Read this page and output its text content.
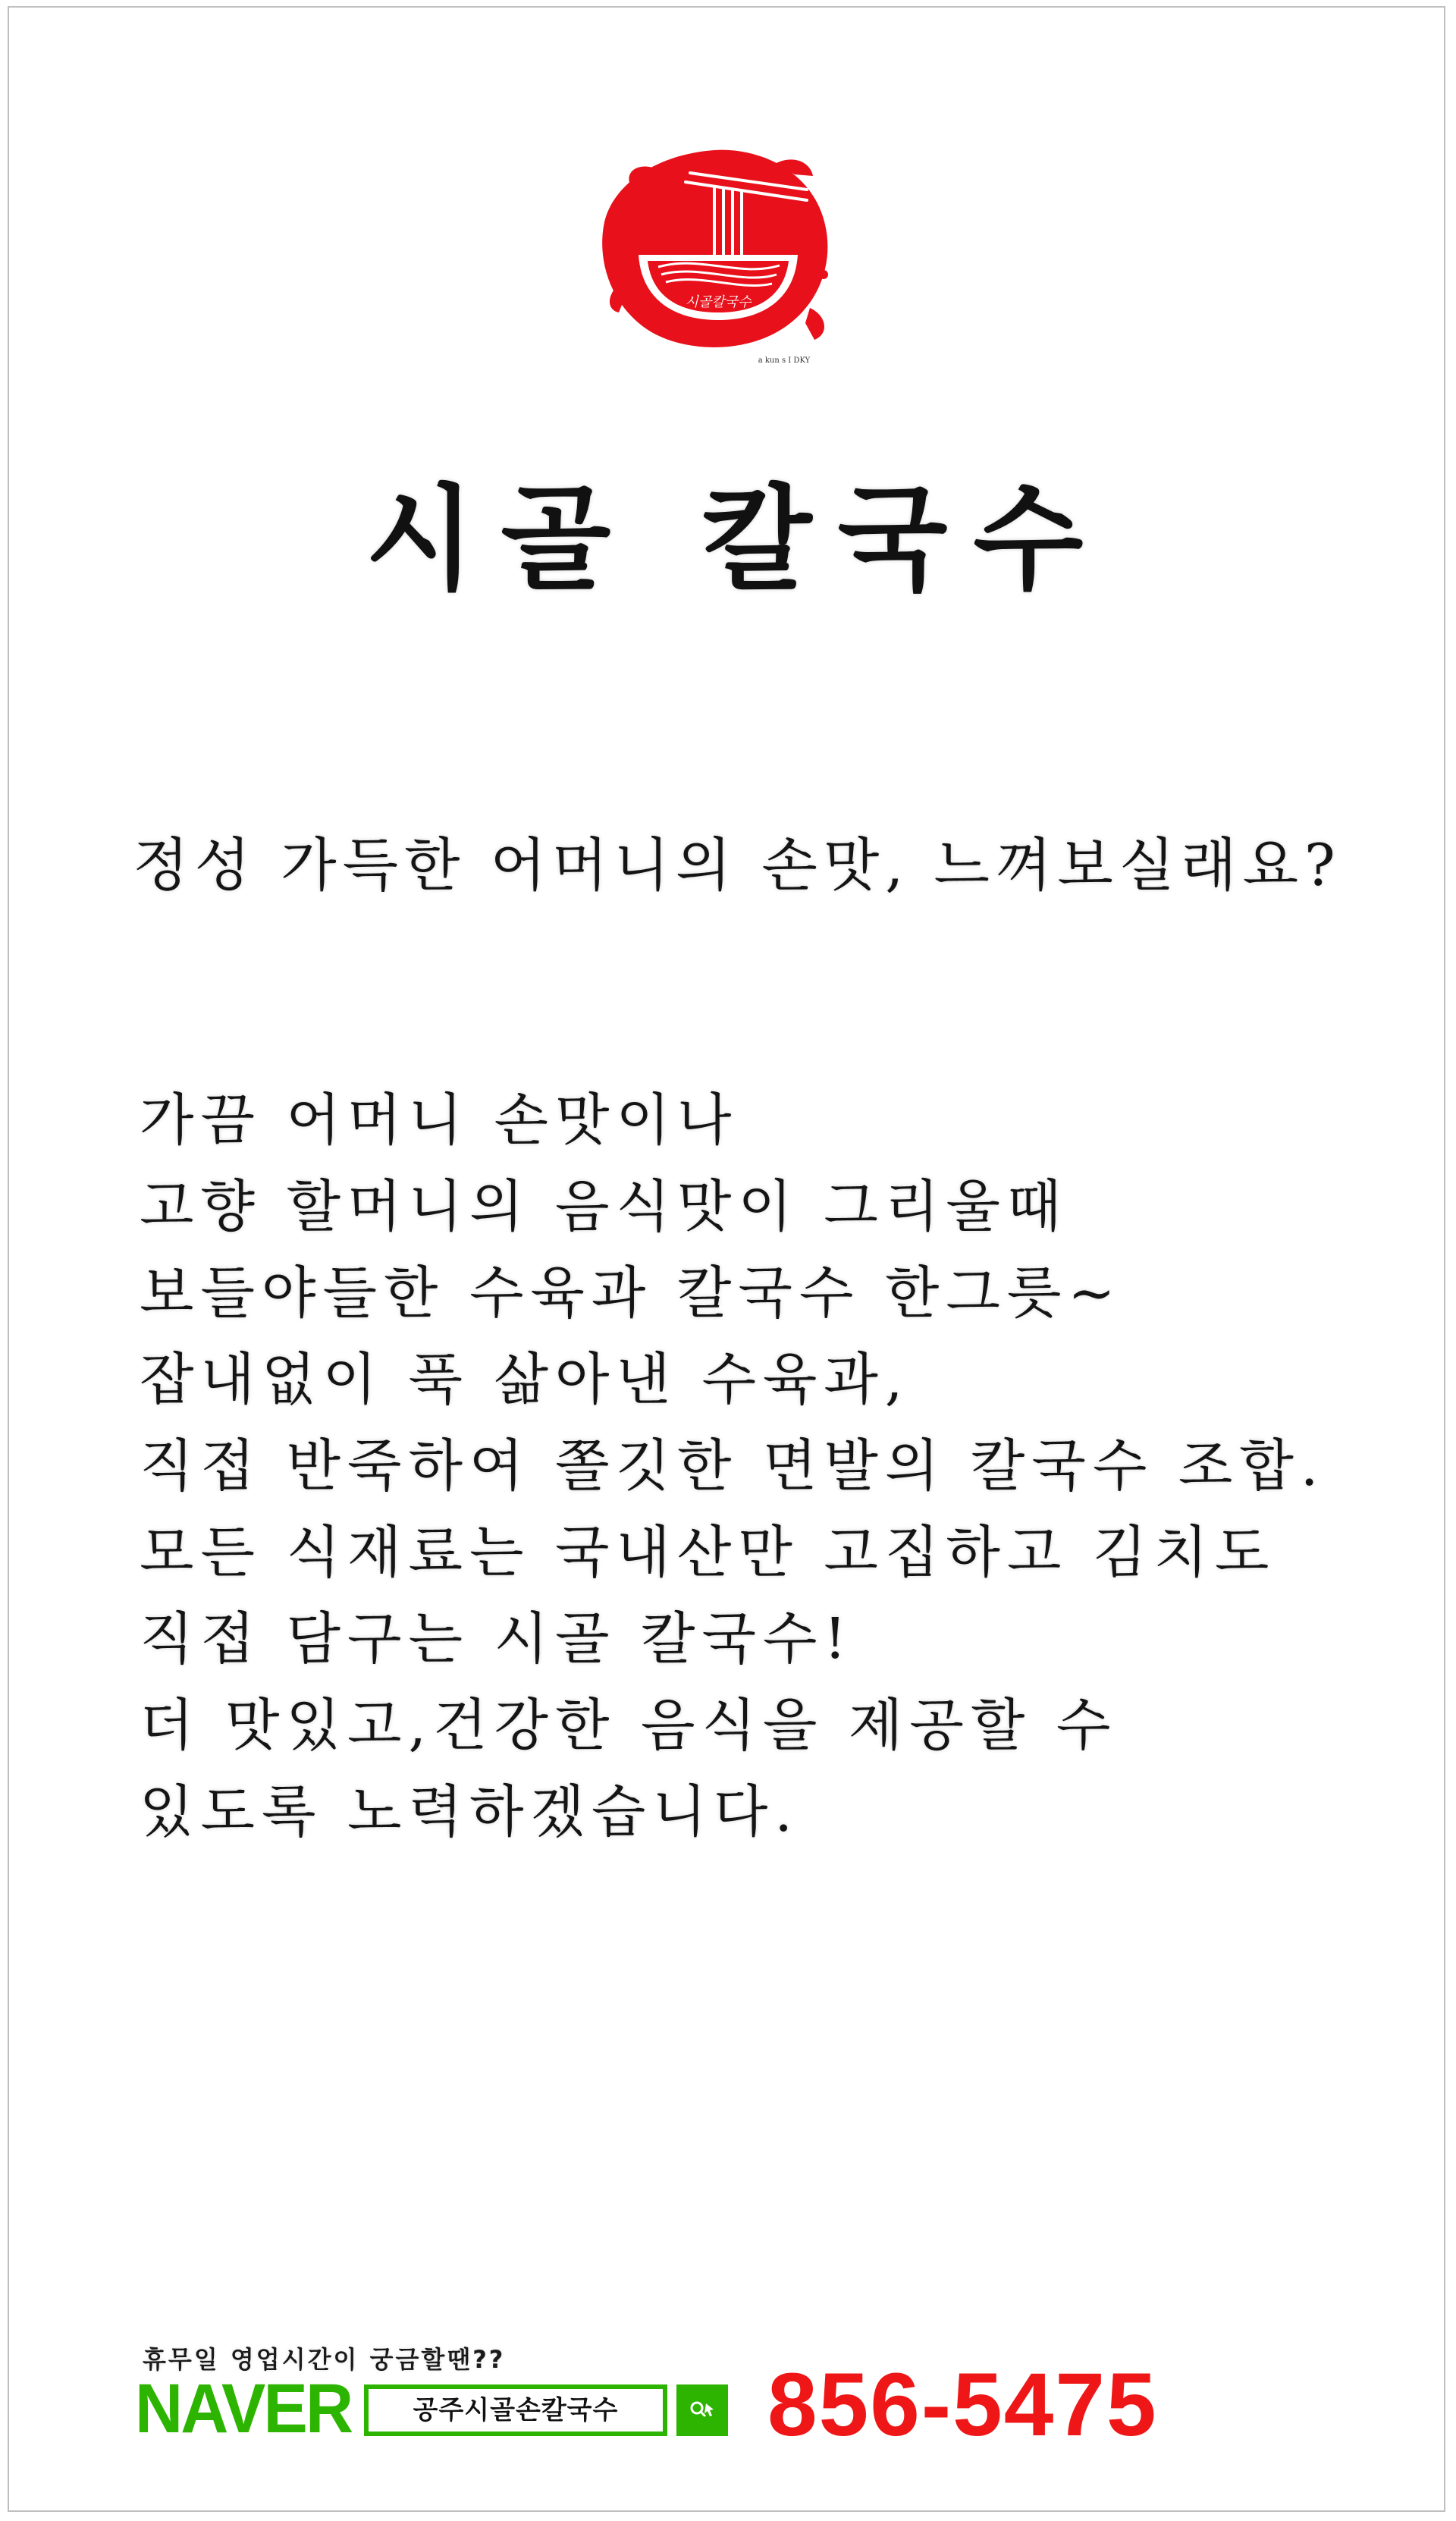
시골칼국수
a kun s I DKY
시골 칼국수
정성 가득한 어머니의 손맛, 느껴보실래요?
가끔 어머니 손맛이나
고향 할머니의 음식맛이 그리울때
보들야들한 수육과 칼국수 한그릇~
잡내없이 푹 삶아낸 수육과,
직접 반죽하여 쫄깃한 면발의 칼국수 조합.
모든 식재료는 국내산만 고집하고 김치도
직접 담구는 시골 칼국수!
더 맛있고,건강한 음식을 제공할 수
있도록 노력하겠습니다.
휴무일 영업시간이 궁금할땐??
NAVER	공주시골손칼국수	856-5475
